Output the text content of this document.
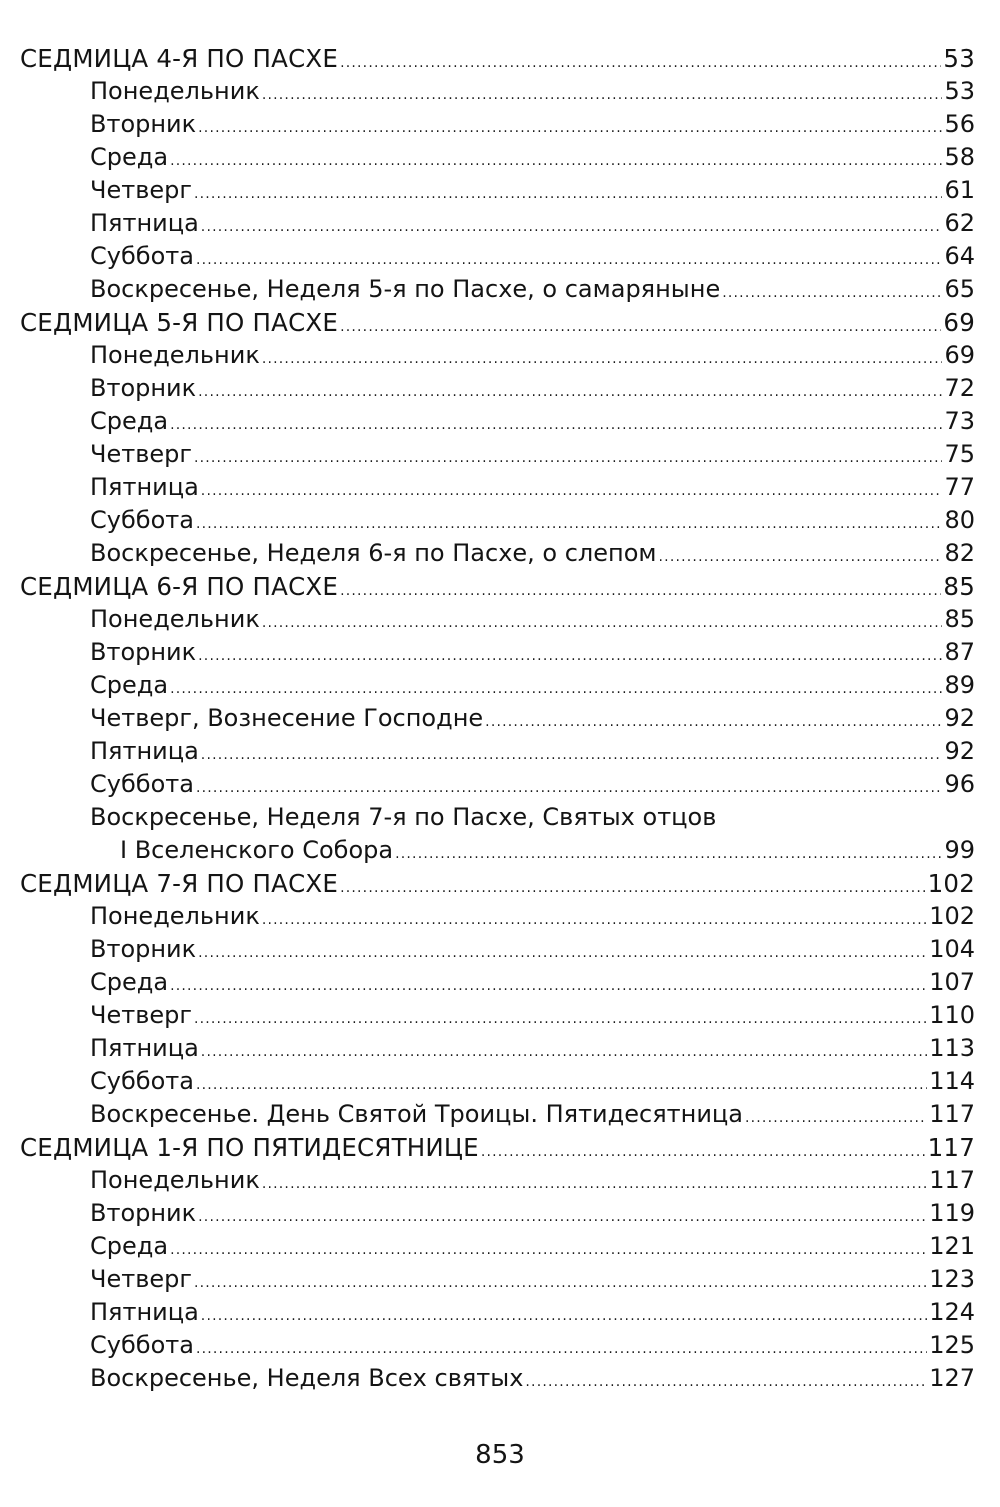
СЕДМИЦА 4-Я ПО ПАСХЕ .....	53
Понедельник .....	53
Вторник .....	56
Среда .....	58
Четверг .....	61
Пятница .....	62
Суббота .....	64
Воскресенье, Неделя 5-я по Пасхе, о самаряныне .....	65
СЕДМИЦА 5-Я ПО ПАСХЕ .....	69
Понедельник .....	69
Вторник .....	72
Среда .....	73
Четверг .....	75
Пятница .....	77
Суббота .....	80
Воскресенье, Неделя 6-я по Пасхе, о слепом .....	82
СЕДМИЦА 6-Я ПО ПАСХЕ .....	85
Понедельник .....	85
Вторник .....	87
Среда .....	89
Четверг, Вознесение Господне .....	92
Пятница .....	92
Суббота .....	96
Воскресенье, Неделя 7-я по Пасхе, Святых отцов
I Вселенского Собора .....	99
СЕДМИЦА 7-Я ПО ПАСХЕ .....	102
Понедельник .....	102
Вторник .....	104
Среда .....	107
Четверг .....	110
Пятница .....	113
Суббота .....	114
Воскресенье. День Святой Троицы. Пятидесятница .....	117
СЕДМИЦА 1-Я ПО ПЯТИДЕСЯТНИЦЕ .....	117
Понедельник .....	117
Вторник .....	119
Среда .....	121
Четверг .....	123
Пятница .....	124
Суббота .....	125
Воскресенье, Неделя Всех святых .....	127
853
